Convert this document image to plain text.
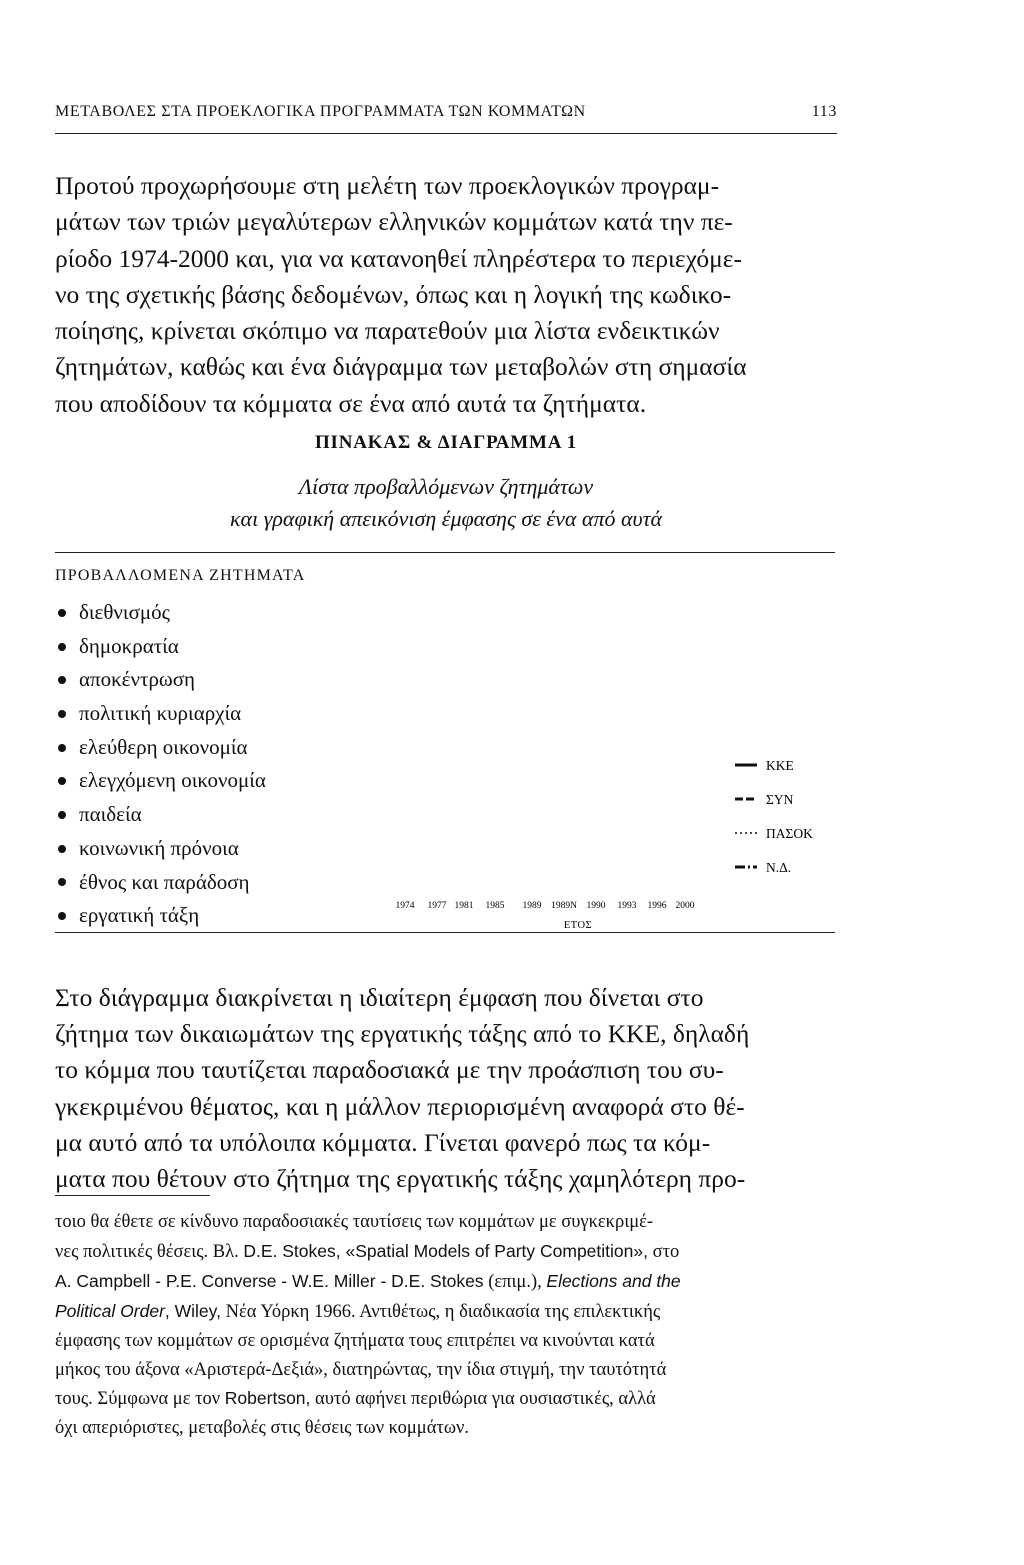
ΜΕΤΑΒΟΛΕΣ ΣΤΑ ΠΡΟΕΚΛΟΓΙΚΑ ΠΡΟΓΡΑΜΜΑΤΑ ΤΩΝ ΚΟΜΜΑΤΩΝ	113
Προτού προχωρήσουμε στη μελέτη των προεκλογικών προγραμ-
μάτων των τριών μεγαλύτερων ελληνικών κομμάτων κατά την πε-
ρίοδο 1974-2000 και, για να κατανοηθεί πληρέστερα το περιεχόμε-
νο της σχετικής βάσης δεδομένων, όπως και η λογική της κωδικο-
ποίησης, κρίνεται σκόπιμο να παρατεθούν μια λίστα ενδεικτικών
ζητημάτων, καθώς και ένα διάγραμμα των μεταβολών στη σημασία
που αποδίδουν τα κόμματα σε ένα από αυτά τα ζητήματα.
ΠΙΝΑΚΑΣ & ΔΙΑΓΡΑΜΜΑ 1
Λίστα προβαλλόμενων ζητημάτων
και γραφική απεικόνιση έμφασης σε ένα από αυτά
ΠΡΟΒΑΛΛΟΜΕΝΑ ΖΗΤΗΜΑΤΑ
διεθνισμός
δημοκρατία
αποκέντρωση
πολιτική κυριαρχία
ελεύθερη οικονομία
ελεγχόμενη οικονομία
παιδεία
κοινωνική πρόνοια
έθνος και παράδοση
εργατική τάξη
ΚΚΕ
ΣΥΝ
ΠΑΣΟΚ
Ν.Δ.
1974 1977 1981 1985 1989 1989N 1990 1993 1996 2000
ΕΤΟΣ
Στο διάγραμμα διακρίνεται η ιδιαίτερη έμφαση που δίνεται στο
ζήτημα των δικαιωμάτων της εργατικής τάξης από το ΚΚΕ, δηλαδή
το κόμμα που ταυτίζεται παραδοσιακά με την προάσπιση του συ-
γκεκριμένου θέματος, και η μάλλον περιορισμένη αναφορά στο θέ-
μα αυτό από τα υπόλοιπα κόμματα. Γίνεται φανερό πως τα κόμ-
ματα που θέτουν στο ζήτημα της εργατικής τάξης χαμηλότερη προ-
τοιο θα έθετε σε κίνδυνο παραδοσιακές ταυτίσεις των κομμάτων με συγκεκριμέ-
νες πολιτικές θέσεις. Βλ. D.E. Stokes, «Spatial Models of Party Competition», στο
A. Campbell - P.E. Converse - W.E. Miller - D.E. Stokes (επιμ.), Elections and the
Political Order, Wiley, Νέα Υόρκη 1966. Αντιθέτως, η διαδικασία της επιλεκτικής
έμφασης των κομμάτων σε ορισμένα ζητήματα τους επιτρέπει να κινούνται κατά
μήκος του άξονα «Αριστερά-Δεξιά», διατηρώντας, την ίδια στιγμή, την ταυτότητά
τους. Σύμφωνα με τον Robertson, αυτό αφήνει περιθώρια για ουσιαστικές, αλλά
όχι απεριόριστες, μεταβολές στις θέσεις των κομμάτων.
